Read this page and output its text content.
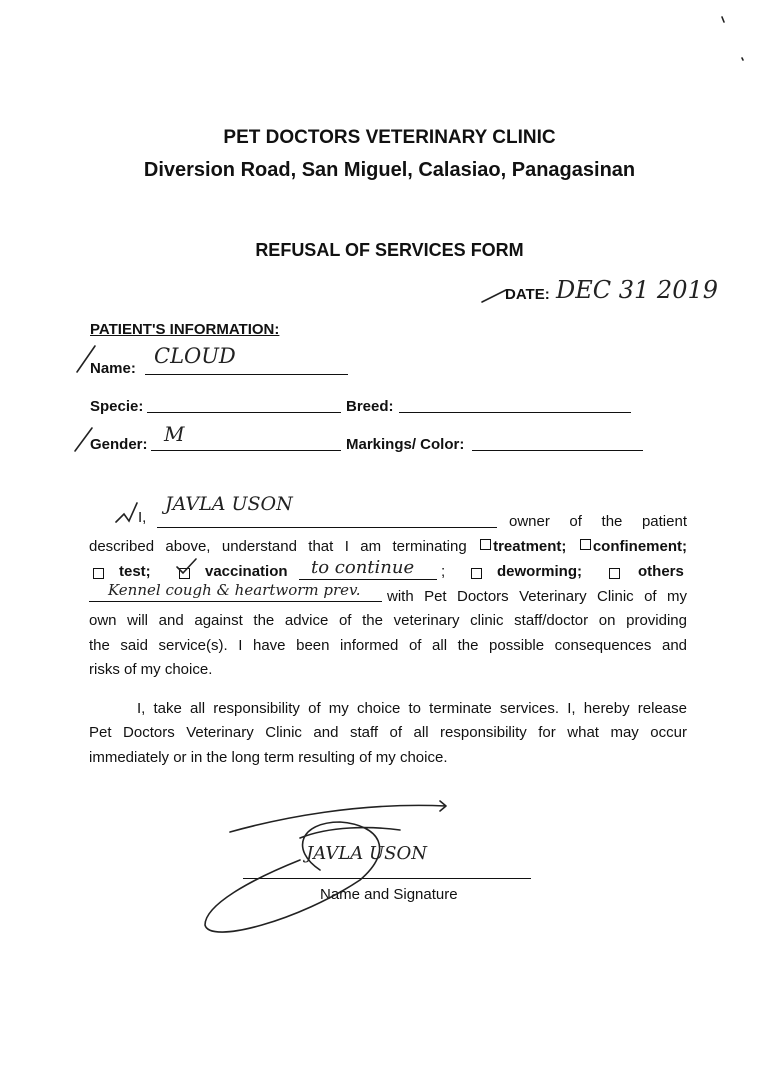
PET DOCTORS VETERINARY CLINIC
Diversion Road, San Miguel, Calasiao, Panagasinan
REFUSAL OF SERVICES FORM
DATE: DEC 31 2019
PATIENT'S INFORMATION:
Name:
CLOUD
Specie:	Breed:
Gender: M	Markings/ Color:
I,
JAVLA USON
owner of the patient
described above, understand that I am terminating treatment; confinement;
test;	vaccination to continue ;	deworming;	others
Kennel cough & heartworm prev. with Pet Doctors Veterinary Clinic of my
own will and against the advice of the veterinary clinic staff/doctor on providing
the said service(s). I have been informed of all the possible consequences and
risks of my choice.
I, take all responsibility of my choice to terminate services. I, hereby release
Pet Doctors Veterinary Clinic and staff of all responsibility for what may occur
immediately or in the long term resulting of my choice.
JAVLA USON
Name and Signature
